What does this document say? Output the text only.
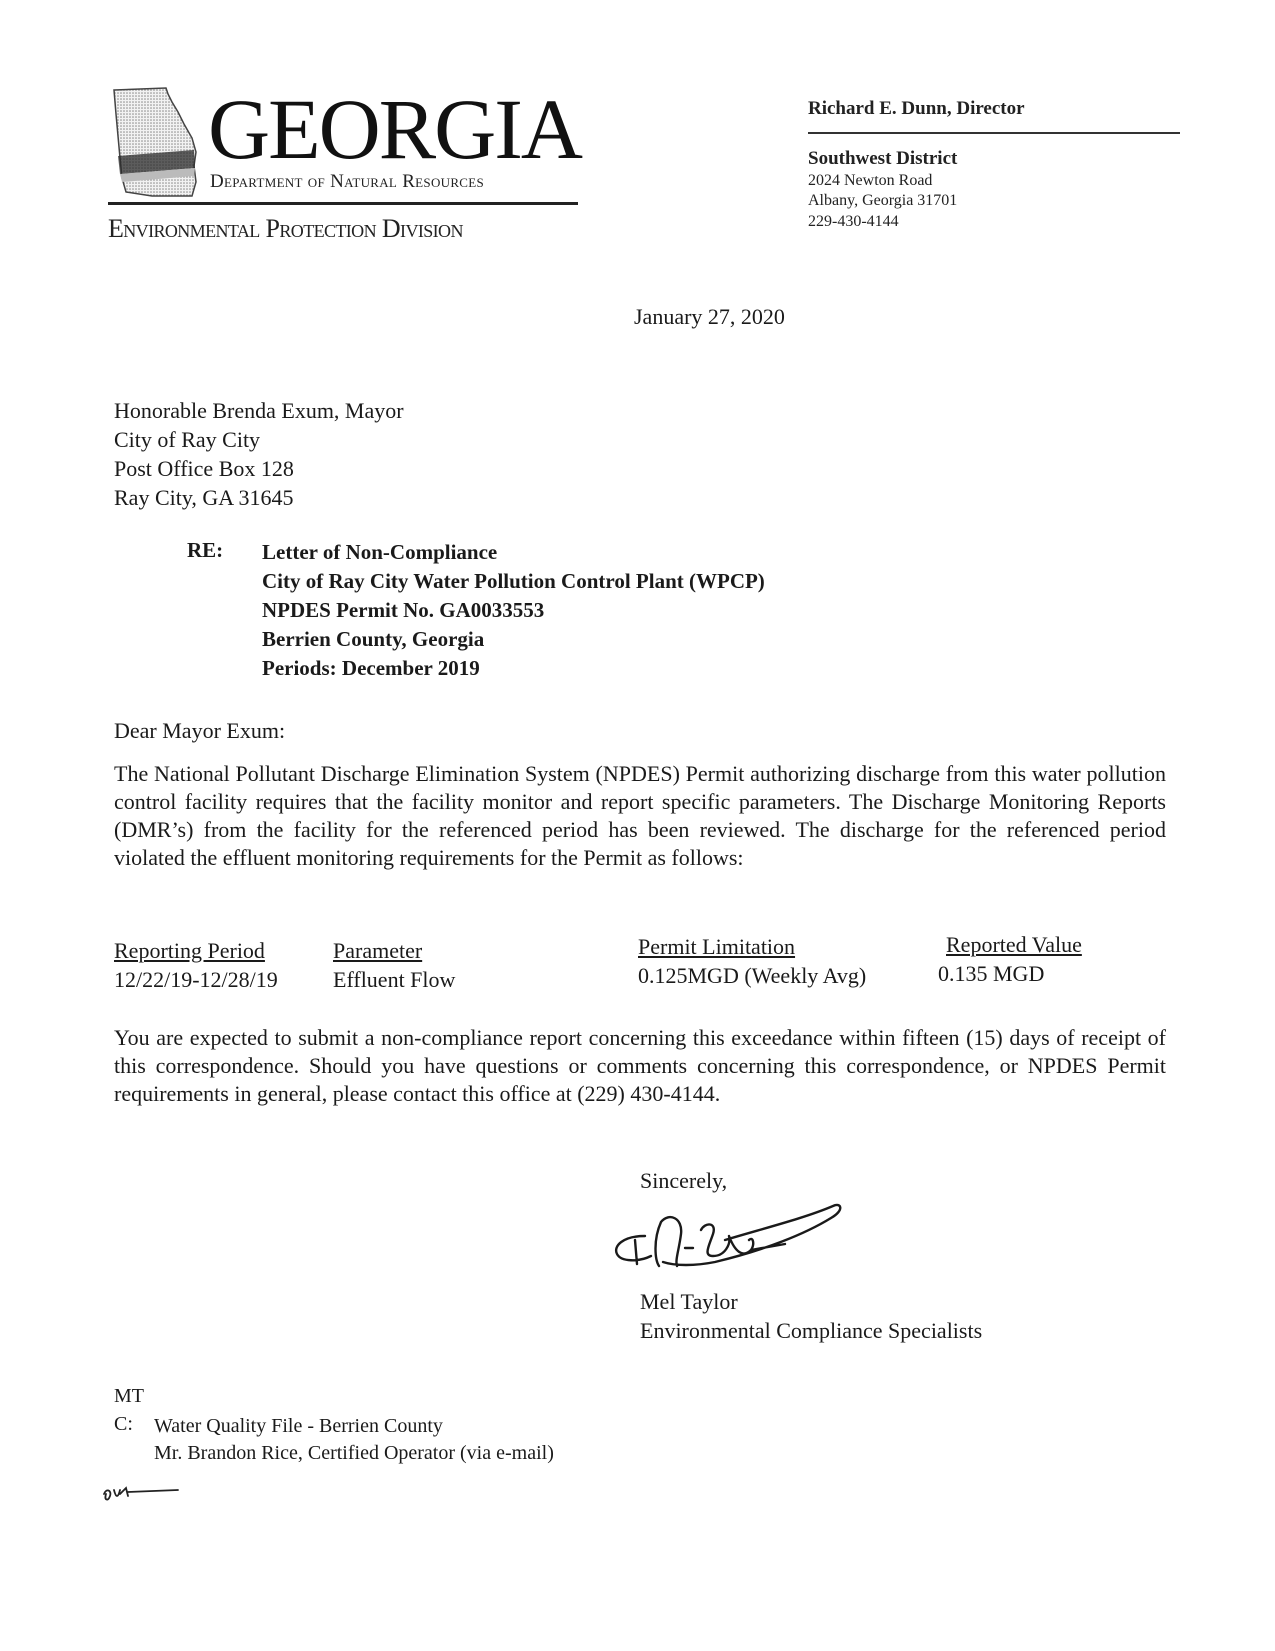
GEORGIA
Department of Natural Resources
Environmental Protection Division
Richard E. Dunn, Director
Southwest District
2024 Newton Road
Albany, Georgia 31701
229-430-4144
January 27, 2020
Honorable Brenda Exum, Mayor
City of Ray City
Post Office Box 128
Ray City, GA 31645
RE: Letter of Non-Compliance
City of Ray City Water Pollution Control Plant (WPCP)
NPDES Permit No. GA0033553
Berrien County, Georgia
Periods: December 2019
Dear Mayor Exum:
The National Pollutant Discharge Elimination System (NPDES) Permit authorizing discharge from this water pollution control facility requires that the facility monitor and report specific parameters. The Discharge Monitoring Reports (DMR’s) from the facility for the referenced period has been reviewed. The discharge for the referenced period violated the effluent monitoring requirements for the Permit as follows:
Reporting Period	Parameter	Permit Limitation	Reported Value
12/22/19-12/28/19	Effluent Flow	0.125MGD (Weekly Avg)	0.135 MGD
You are expected to submit a non-compliance report concerning this exceedance within fifteen (15) days of receipt of this correspondence. Should you have questions or comments concerning this correspondence, or NPDES Permit requirements in general, please contact this office at (229) 430-4144.
Sincerely,
Mel Taylor
Environmental Compliance Specialists
MT
C: Water Quality File - Berrien County
Mr. Brandon Rice, Certified Operator (via e-mail)
